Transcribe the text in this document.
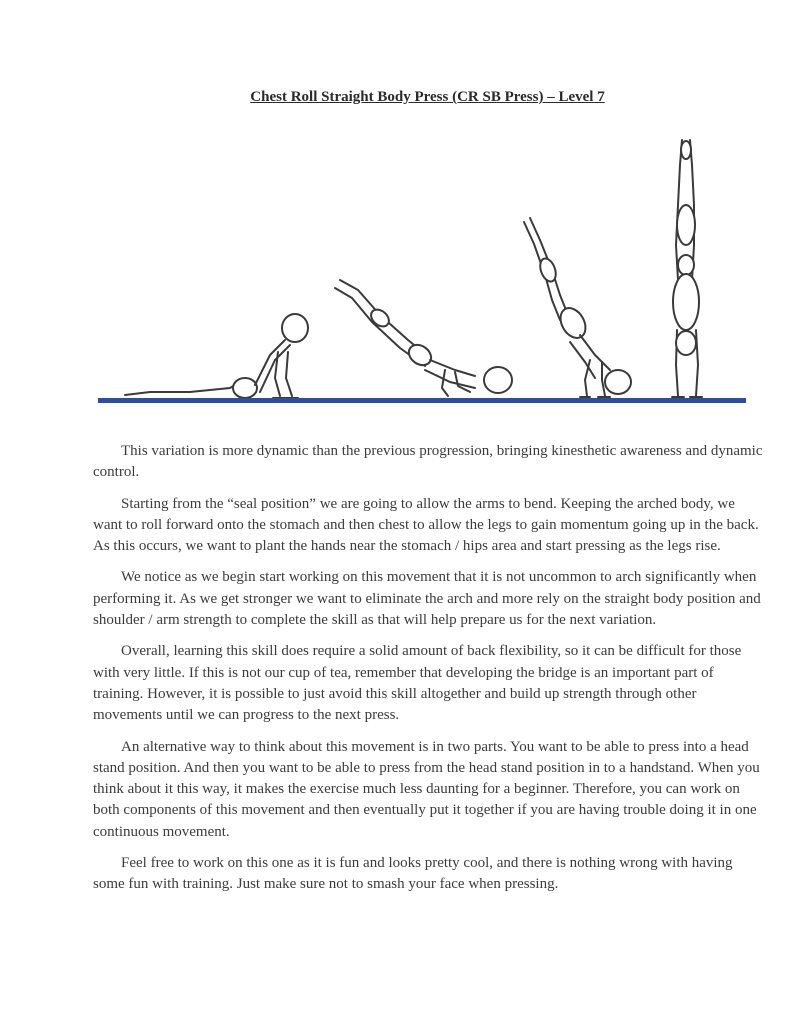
Chest Roll Straight Body Press (CR SB Press) – Level 7

This variation is more dynamic than the previous progression, bringing kinesthetic awareness and dynamic control.

Starting from the “seal position” we are going to allow the arms to bend. Keeping the arched body, we want to roll forward onto the stomach and then chest to allow the legs to gain momentum going up in the back. As this occurs, we want to plant the hands near the stomach / hips area and start pressing as the legs rise.

We notice as we begin start working on this movement that it is not uncommon to arch significantly when performing it. As we get stronger we want to eliminate the arch and more rely on the straight body position and shoulder / arm strength to complete the skill as that will help prepare us for the next variation.

Overall, learning this skill does require a solid amount of back flexibility, so it can be difficult for those with very little. If this is not our cup of tea, remember that developing the bridge is an important part of training. However, it is possible to just avoid this skill altogether and build up strength through other movements until we can progress to the next press.

An alternative way to think about this movement is in two parts. You want to be able to press into a head stand position. And then you want to be able to press from the head stand position in to a handstand. When you think about it this way, it makes the exercise much less daunting for a beginner. Therefore, you can work on both components of this movement and then eventually put it together if you are having trouble doing it in one continuous movement.

Feel free to work on this one as it is fun and looks pretty cool, and there is nothing wrong with having some fun with training. Just make sure not to smash your face when pressing.
